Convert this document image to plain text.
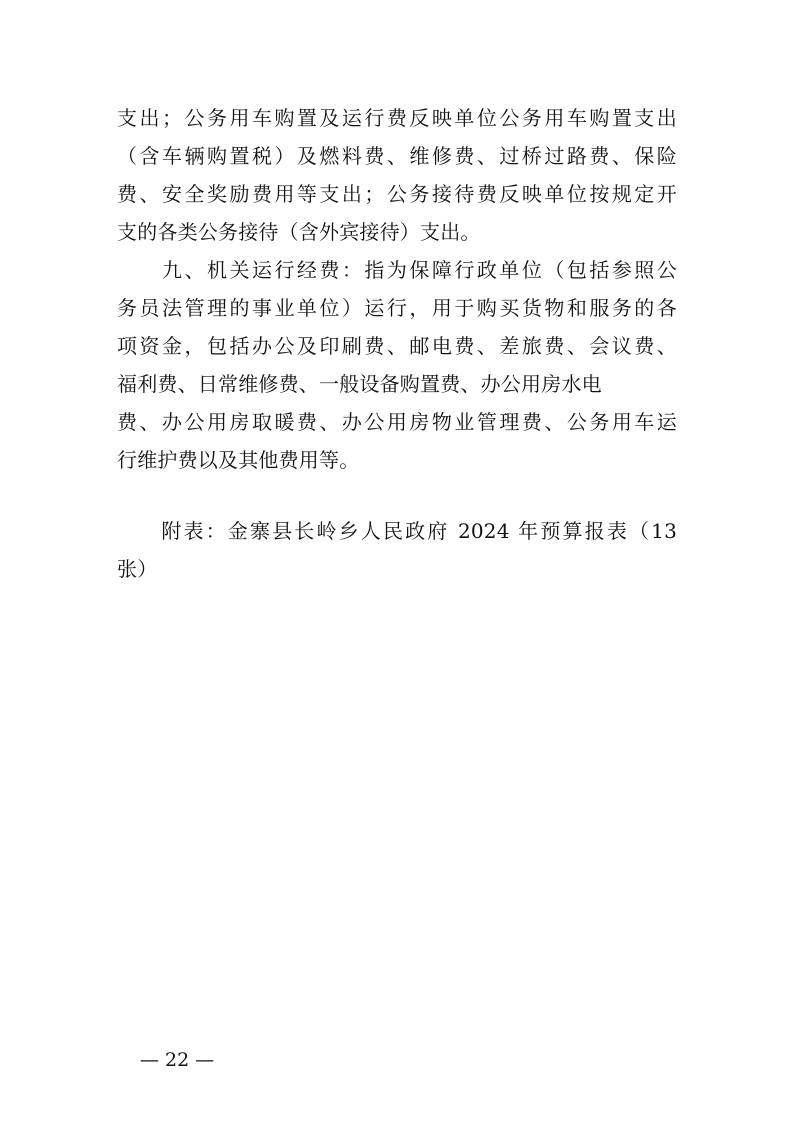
支出；公务用车购置及运行费反映单位公务用车购置支出
（含车辆购置税）及燃料费、维修费、过桥过路费、保险
费、安全奖励费用等支出；公务接待费反映单位按规定开
支的各类公务接待（含外宾接待）支出。
　　九、机关运行经费：指为保障行政单位（包括参照公
务员法管理的事业单位）运行，用于购买货物和服务的各
项资金，包括办公及印刷费、邮电费、差旅费、会议费、
福利费、日常维修费、一般设备购置费、办公用房水电
费、办公用房取暖费、办公用房物业管理费、公务用车运
行维护费以及其他费用等。
　　附表：金寨县长岭乡人民政府 2024 年预算报表（13
张）
— 22 —
